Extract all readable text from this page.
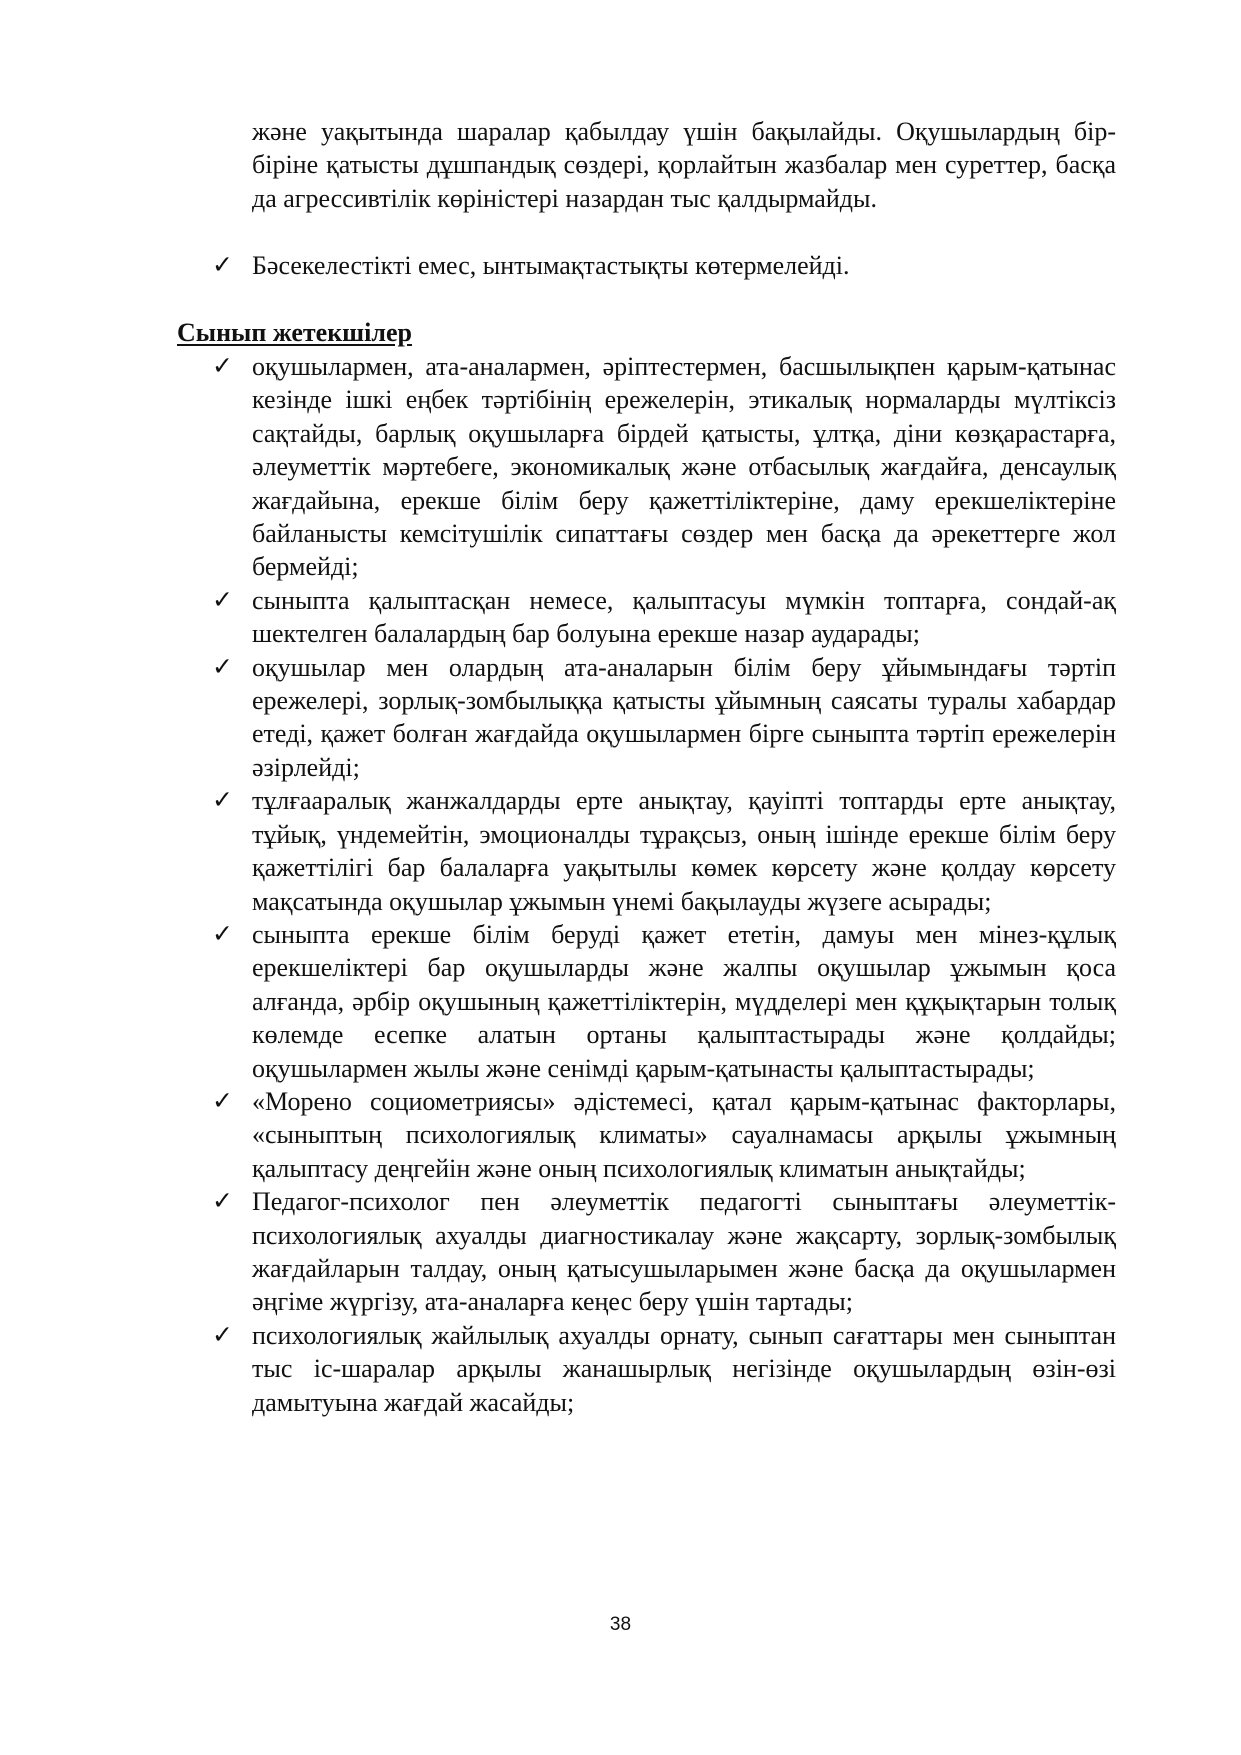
және уақытында шаралар қабылдау үшін бақылайды. Оқушылардың бір-біріне қатысты дұшпандық сөздері, қорлайтын жазбалар мен суреттер, басқа да агрессивтілік көріністері назардан тыс қалдырмайды.

✓ Бәсекелестікті емес, ынтымақтастықты көтермелейді.
Сынып жетекшілер
✓ оқушылармен, ата-аналармен, әріптестермен, басшылықпен қарым-қатынас кезінде ішкі еңбек тәртібінің ережелерін, этикалық нормаларды мүлтіксіз сақтайды, барлық оқушыларға бірдей қатысты, ұлтқа, діни көзқарастарға, әлеуметтік мәртебеге, экономикалық және отбасылық жағдайға, денсаулық жағдайына, ерекше білім беру қажеттіліктеріне, даму ерекшеліктеріне байланысты кемсітушілік сипаттағы сөздер мен басқа да әрекеттерге жол бермейді;
✓ сыныпта қалыптасқан немесе, қалыптасуы мүмкін топтарға, сондай-ақ шектелген балалардың бар болуына ерекше назар аударады;
✓ оқушылар мен олардың ата-аналарын білім беру ұйымындағы тәртіп ережелері, зорлық-зомбылыққа қатысты ұйымның саясаты туралы хабардар етеді, қажет болған жағдайда оқушылармен бірге сыныпта тәртіп ережелерін әзірлейді;
✓ тұлғааралық жанжалдарды ерте анықтау, қауіпті топтарды ерте анықтау, тұйық, үндемейтін, эмоционалды тұрақсыз, оның ішінде ерекше білім беру қажеттілігі бар балаларға уақытылы көмек көрсету және қолдау көрсету мақсатында оқушылар ұжымын үнемі бақылауды жүзеге асырады;
✓ сыныпта ерекше білім беруді қажет ететін, дамуы мен мінез-құлық ерекшеліктері бар оқушыларды және жалпы оқушылар ұжымын қоса алғанда, әрбір оқушының қажеттіліктерін, мүдделері мен құқықтарын толық көлемде есепке алатын ортаны қалыптастырады және қолдайды; оқушылармен жылы және сенімді қарым-қатынасты қалыптастырады;
✓ «Морено социометриясы» әдістемесі, қатал қарым-қатынас факторлары, «сыныптың психологиялық климаты» сауалнамасы арқылы ұжымның қалыптасу деңгейін және оның психологиялық климатын анықтайды;
✓ Педагог-психолог пен әлеуметтік педагогті сыныптағы әлеуметтік-психологиялық ахуалды диагностикалау және жақсарту, зорлық-зомбылық жағдайларын талдау, оның қатысушыларымен және басқа да оқушылармен әңгіме жүргізу, ата-аналарға кеңес беру үшін тартады;
✓ психологиялық жайлылық ахуалды орнату, сынып сағаттары мен сыныптан тыс іс-шаралар арқылы жанашырлық негізінде оқушылардың өзін-өзі дамытуына жағдай жасайды;
38
